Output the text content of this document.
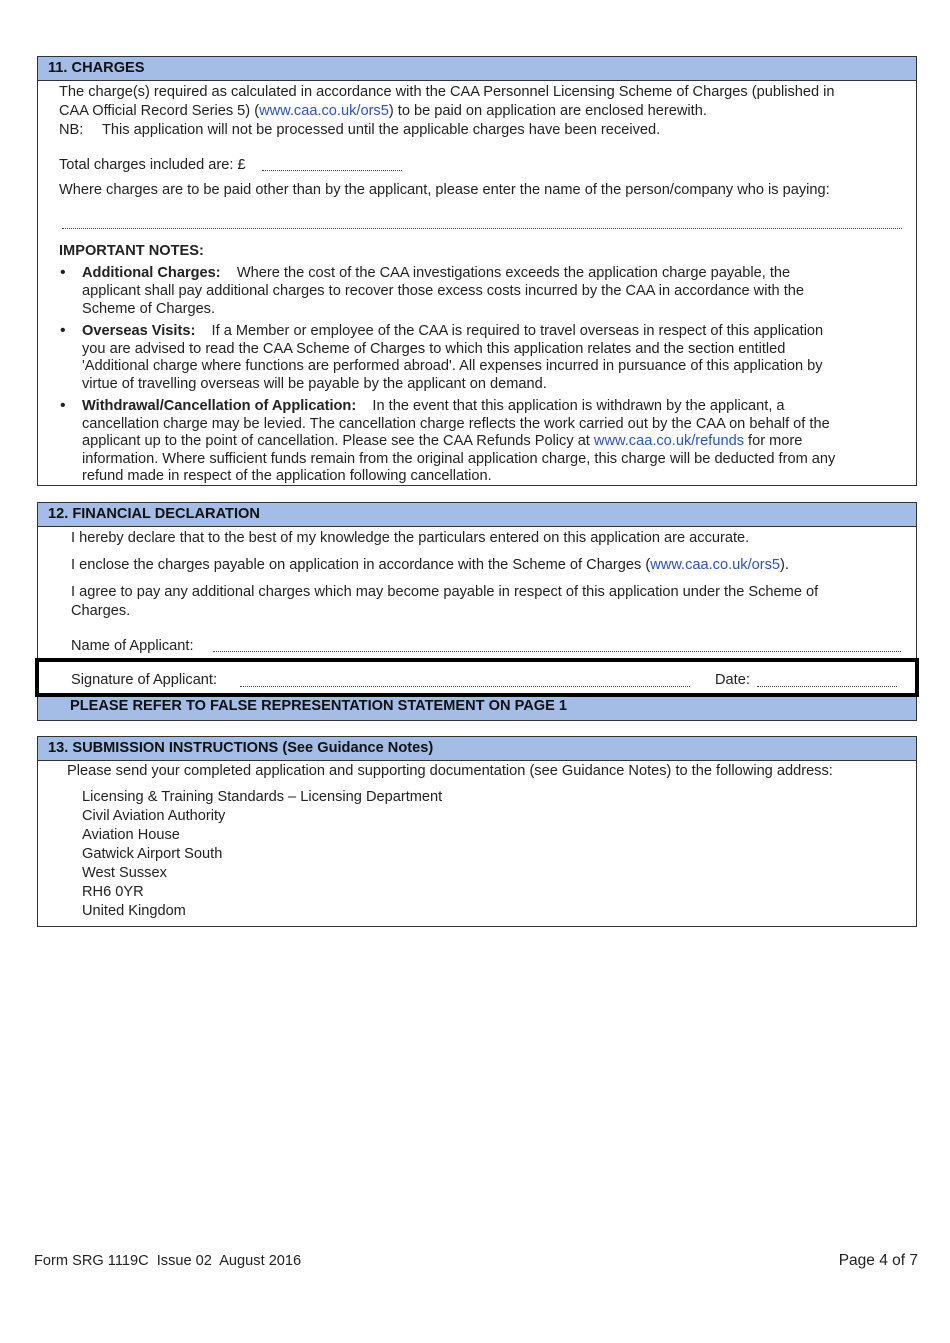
11. CHARGES
The charge(s) required as calculated in accordance with the CAA Personnel Licensing Scheme of Charges (published in
CAA Official Record Series 5) (www.caa.co.uk/ors5) to be paid on application are enclosed herewith.
NB: This application will not be processed until the applicable charges have been received.
Total charges included are: £
Where charges are to be paid other than by the applicant, please enter the name of the person/company who is paying:
IMPORTANT NOTES:
• Additional Charges: Where the cost of the CAA investigations exceeds the application charge payable, the
applicant shall pay additional charges to recover those excess costs incurred by the CAA in accordance with the
Scheme of Charges.
• Overseas Visits: If a Member or employee of the CAA is required to travel overseas in respect of this application
you are advised to read the CAA Scheme of Charges to which this application relates and the section entitled
'Additional charge where functions are performed abroad'. All expenses incurred in pursuance of this application by
virtue of travelling overseas will be payable by the applicant on demand.
• Withdrawal/Cancellation of Application: In the event that this application is withdrawn by the applicant, a
cancellation charge may be levied. The cancellation charge reflects the work carried out by the CAA on behalf of the
applicant up to the point of cancellation. Please see the CAA Refunds Policy at www.caa.co.uk/refunds for more
information. Where sufficient funds remain from the original application charge, this charge will be deducted from any
refund made in respect of the application following cancellation.
12. FINANCIAL DECLARATION
I hereby declare that to the best of my knowledge the particulars entered on this application are accurate.
I enclose the charges payable on application in accordance with the Scheme of Charges (www.caa.co.uk/ors5).
I agree to pay any additional charges which may become payable in respect of this application under the Scheme of
Charges.
Name of Applicant:
Signature of Applicant:	Date:
PLEASE REFER TO FALSE REPRESENTATION STATEMENT ON PAGE 1
13. SUBMISSION INSTRUCTIONS (See Guidance Notes)
Please send your completed application and supporting documentation (see Guidance Notes) to the following address:
Licensing & Training Standards – Licensing Department
Civil Aviation Authority
Aviation House
Gatwick Airport South
West Sussex
RH6 0YR
United Kingdom
Form SRG 1119C  Issue 02  August 2016	Page 4 of 7
